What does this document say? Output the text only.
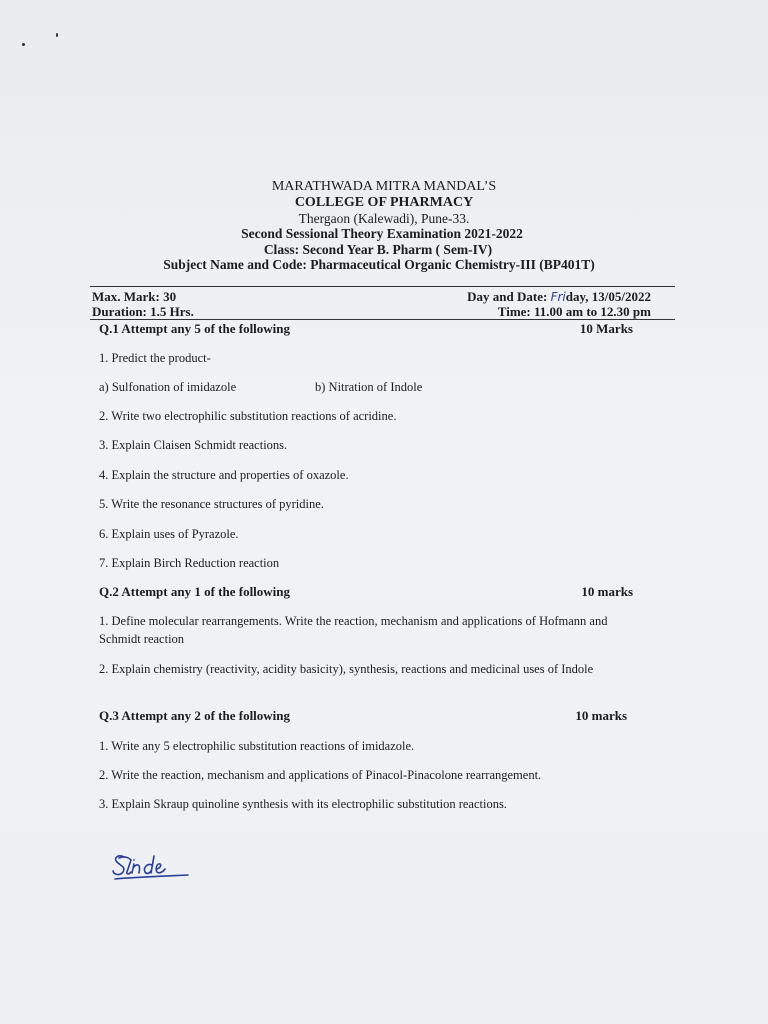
MARATHWADA MITRA MANDAL’S
COLLEGE OF PHARMACY
Thergaon (Kalewadi), Pune-33.
Second Sessional Theory Examination 2021-2022
Class: Second Year B. Pharm ( Sem-IV)
Subject Name and Code: Pharmaceutical Organic Chemistry-III (BP401T)
Max. Mark: 30	Day and Date: Friday, 13/05/2022
Duration: 1.5 Hrs.	Time: 11.00 am to 12.30 pm
Q.1 Attempt any 5 of the following	10 Marks
1. Predict the product-
a) Sulfonation of imidazole	b) Nitration of Indole
2. Write two electrophilic substitution reactions of acridine.
3. Explain Claisen Schmidt reactions.
4. Explain the structure and properties of oxazole.
5. Write the resonance structures of pyridine.
6. Explain uses of Pyrazole.
7. Explain Birch Reduction reaction
Q.2 Attempt any 1 of the following	10 marks
1. Define molecular rearrangements. Write the reaction, mechanism and applications of Hofmann and Schmidt reaction
2. Explain chemistry (reactivity, acidity basicity), synthesis, reactions and medicinal uses of Indole
Q.3 Attempt any 2 of the following	10 marks
1. Write any 5 electrophilic substitution reactions of imidazole.
2. Write the reaction, mechanism and applications of Pinacol-Pinacolone rearrangement.
3. Explain Skraup quinoline synthesis with its electrophilic substitution reactions.
